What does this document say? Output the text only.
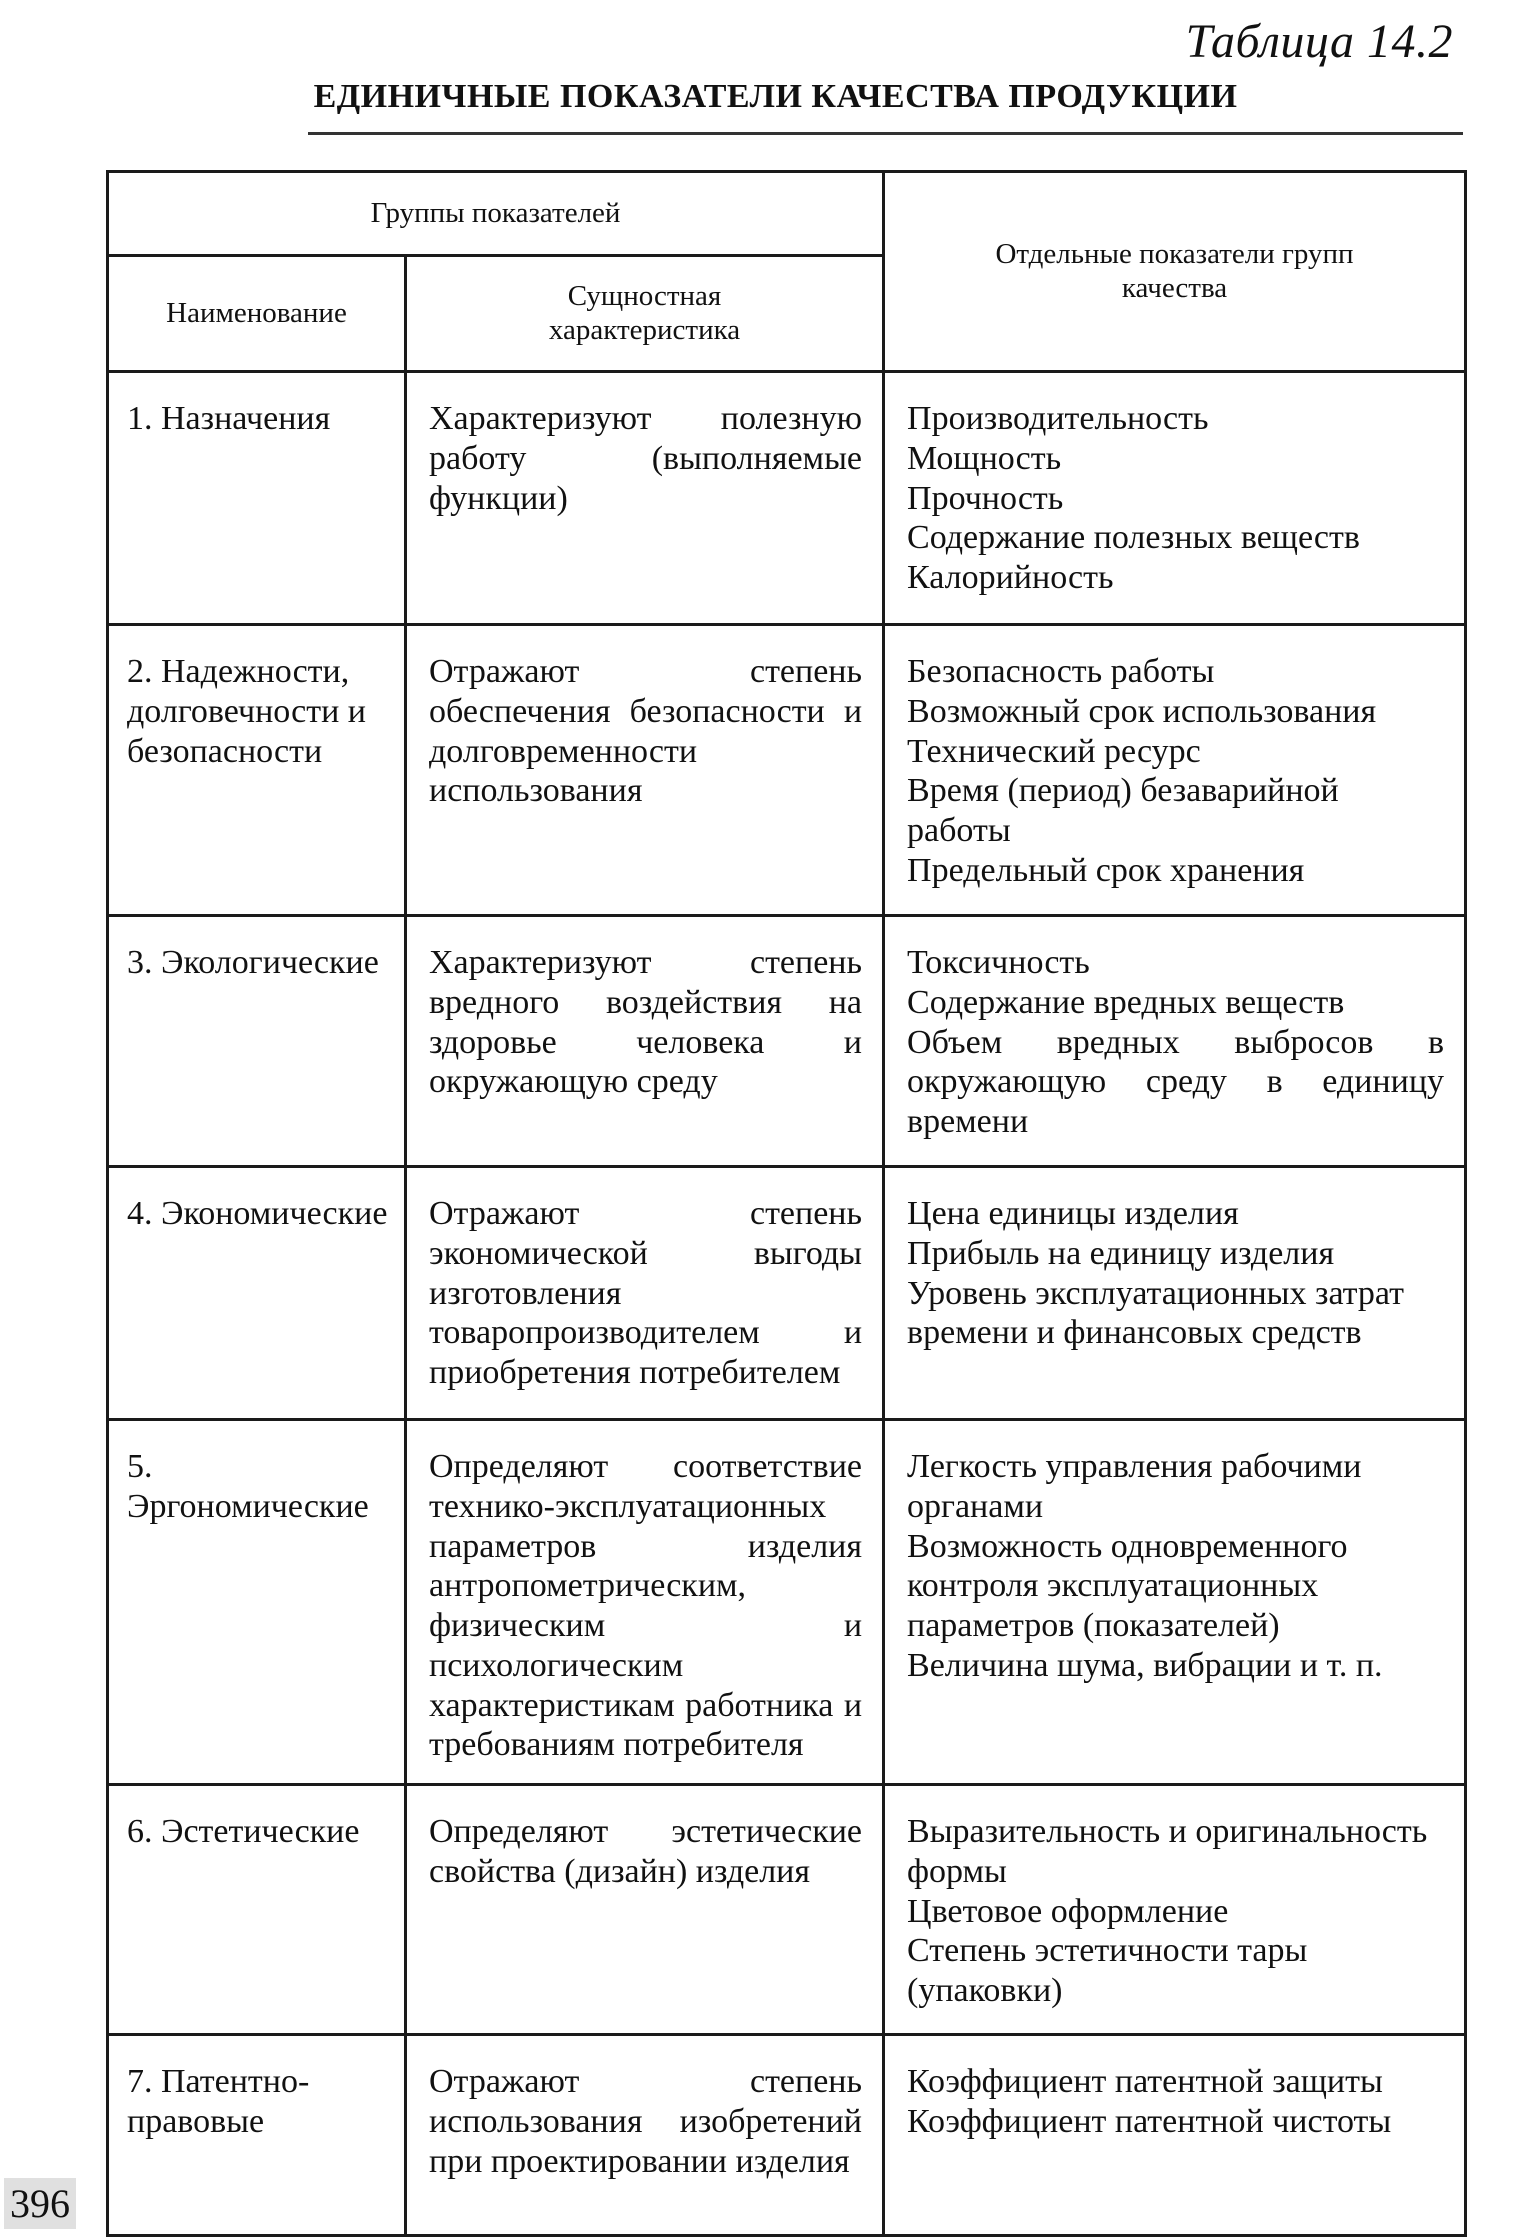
Таблица 14.2
ЕДИНИЧНЫЕ ПОКАЗАТЕЛИ КАЧЕСТВА ПРОДУКЦИИ
Группы показателей		Отдельные показатели групп качества
Наименование	Сущностная характеристика	
1. Назначения	Характеризуют полезную работу (выполняемые функции)	Производительность
Мощность
Прочность
Содержание полезных веществ
Калорийность

2. Надежности, долговечности и безопасности	Отражают степень обеспечения безопасности и долговременности использования	Безопасность работы
Возможный срок использования
Технический ресурс
Время (период) безаварийной работы
Предельный срок хранения

3. Экологические	Характеризуют степень вредного воздействия на здоровье человека и окружающую среду	Токсичность
Содержание вредных веществ
Объем вредных выбросов в окружающую среду в единицу времени

4. Экономические	Отражают степень экономической выгоды изготовления товаропроизводителем и приобретения потребителем	Цена единицы изделия
Прибыль на единицу изделия
Уровень эксплуатационных затрат времени и финансовых средств

5. Эргономические	Определяют соответствие технико-эксплуатационных параметров изделия антропометрическим, физическим и психологическим характеристикам работника и требованиям потребителя	Легкость управления рабочими органами
Возможность одновременного контроля эксплуатационных параметров (показателей)
Величина шума, вибрации и т. п.

6. Эстетические	Определяют эстетические свойства (дизайн) изделия	Выразительность и оригинальность формы
Цветовое оформление
Степень эстетичности тары (упаковки)

7. Патентно-правовые	Отражают степень использования изобретений при проектировании изделия	Коэффициент патентной защиты
Коэффициент патентной чистоты
396
